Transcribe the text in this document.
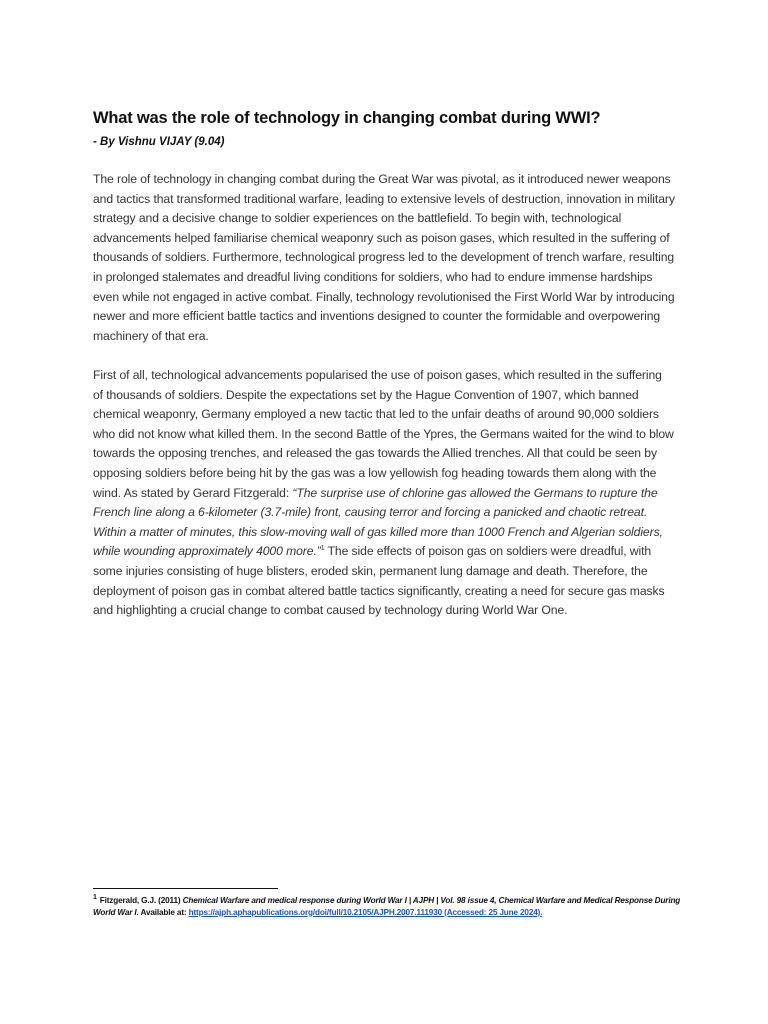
What was the role of technology in changing combat during WWI?

- By Vishnu VIJAY (9.04)

The role of technology in changing combat during the Great War was pivotal, as it introduced newer weapons and tactics that transformed traditional warfare, leading to extensive levels of destruction, innovation in military strategy and a decisive change to soldier experiences on the battlefield. To begin with, technological advancements helped familiarise chemical weaponry such as poison gases, which resulted in the suffering of thousands of soldiers. Furthermore, technological progress led to the development of trench warfare, resulting in prolonged stalemates and dreadful living conditions for soldiers, who had to endure immense hardships even while not engaged in active combat. Finally, technology revolutionised the First World War by introducing newer and more efficient battle tactics and inventions designed to counter the formidable and overpowering machinery of that era.

First of all, technological advancements popularised the use of poison gases, which resulted in the suffering of thousands of soldiers. Despite the expectations set by the Hague Convention of 1907, which banned chemical weaponry, Germany employed a new tactic that led to the unfair deaths of around 90,000 soldiers who did not know what killed them. In the second Battle of the Ypres, the Germans waited for the wind to blow towards the opposing trenches, and released the gas towards the Allied trenches. All that could be seen by opposing soldiers before being hit by the gas was a low yellowish fog heading towards them along with the wind. As stated by Gerard Fitzgerald: “The surprise use of chlorine gas allowed the Germans to rupture the French line along a 6-kilometer (3.7-mile) front, causing terror and forcing a panicked and chaotic retreat. Within a matter of minutes, this slow-moving wall of gas killed more than 1000 French and Algerian soldiers, while wounding approximately 4000 more.”$^1$ The side effects of poison gas on soldiers were dreadful, with some injuries consisting of huge blisters, eroded skin, permanent lung damage and death. Therefore, the deployment of poison gas in combat altered battle tactics significantly, creating a need for secure gas masks and highlighting a crucial change to combat caused by technology during World War One.

1 Fitzgerald, G.J. (2011) Chemical Warfare and medical response during World War I | AJPH | Vol. 98 issue 4, Chemical Warfare and Medical Response During World War I. Available at: https://ajph.aphapublications.org/doi/full/10.2105/AJPH.2007.111930 (Accessed: 25 June 2024).
